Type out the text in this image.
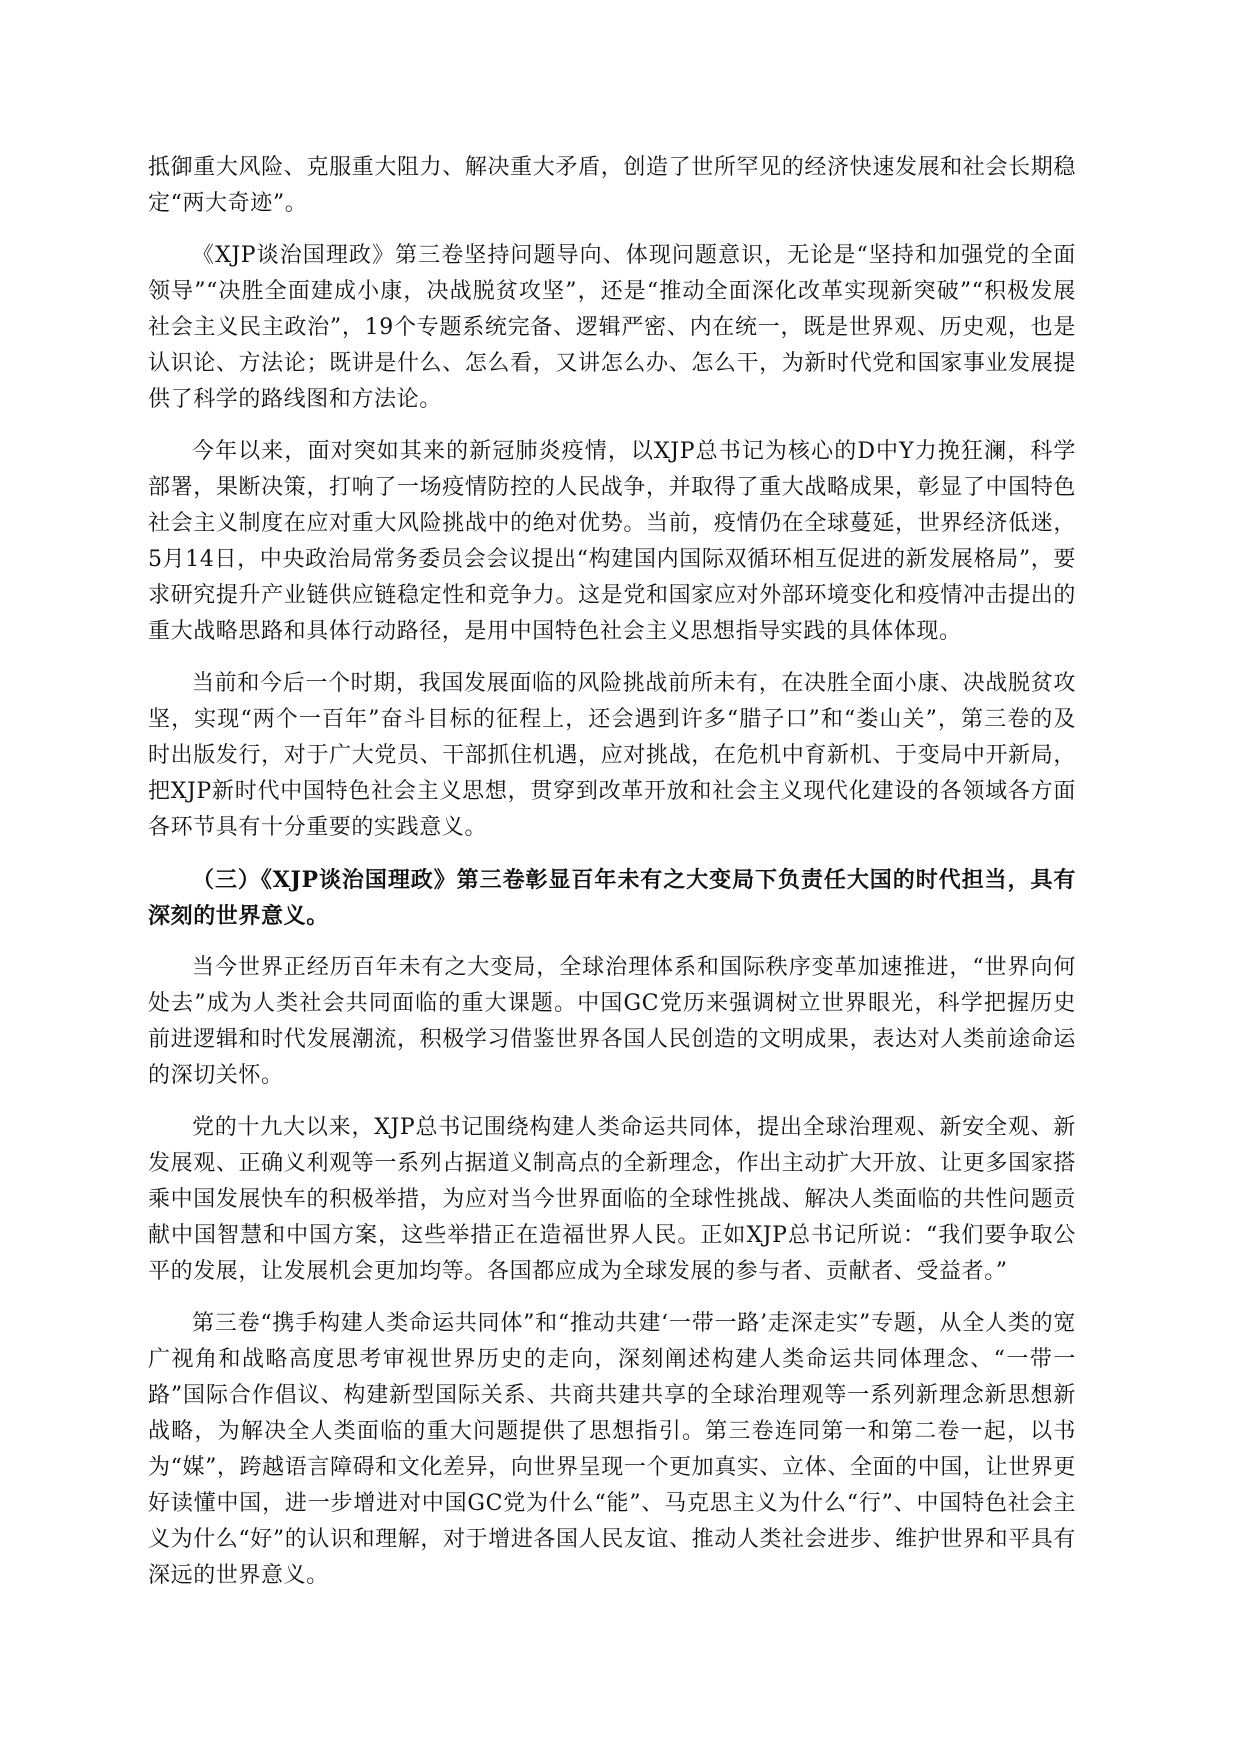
抵御重大风险、克服重大阻力、解决重大矛盾，创造了世所罕见的经济快速发展和社会长期稳定“两大奇迹”。

《XJP谈治国理政》第三卷坚持问题导向、体现问题意识，无论是“坚持和加强党的全面领导”“决胜全面建成小康，决战脱贫攻坚”，还是“推动全面深化改革实现新突破”“积极发展社会主义民主政治”，19个专题系统完备、逻辑严密、内在统一，既是世界观、历史观，也是认识论、方法论；既讲是什么、怎么看，又讲怎么办、怎么干，为新时代党和国家事业发展提供了科学的路线图和方法论。

今年以来，面对突如其来的新冠肺炎疫情，以XJP总书记为核心的D中Y力挽狂澜，科学部署，果断决策，打响了一场疫情防控的人民战争，并取得了重大战略成果，彰显了中国特色社会主义制度在应对重大风险挑战中的绝对优势。当前，疫情仍在全球蔓延，世界经济低迷，5月14日，中央政治局常务委员会会议提出“构建国内国际双循环相互促进的新发展格局”，要求研究提升产业链供应链稳定性和竞争力。这是党和国家应对外部环境变化和疫情冲击提出的重大战略思路和具体行动路径，是用中国特色社会主义思想指导实践的具体体现。

当前和今后一个时期，我国发展面临的风险挑战前所未有，在决胜全面小康、决战脱贫攻坚，实现“两个一百年”奋斗目标的征程上，还会遇到许多“腊子口”和“娄山关”，第三卷的及时出版发行，对于广大党员、干部抓住机遇，应对挑战，在危机中育新机、于变局中开新局，把XJP新时代中国特色社会主义思想，贯穿到改革开放和社会主义现代化建设的各领域各方面各环节具有十分重要的实践意义。

（三）《XJP谈治国理政》第三卷彰显百年未有之大变局下负责任大国的时代担当，具有深刻的世界意义。

当今世界正经历百年未有之大变局，全球治理体系和国际秩序变革加速推进，“世界向何处去”成为人类社会共同面临的重大课题。中国GC党历来强调树立世界眼光，科学把握历史前进逻辑和时代发展潮流，积极学习借鉴世界各国人民创造的文明成果，表达对人类前途命运的深切关怀。

党的十九大以来，XJP总书记围绕构建人类命运共同体，提出全球治理观、新安全观、新发展观、正确义利观等一系列占据道义制高点的全新理念，作出主动扩大开放、让更多国家搭乘中国发展快车的积极举措，为应对当今世界面临的全球性挑战、解决人类面临的共性问题贡献中国智慧和中国方案，这些举措正在造福世界人民。正如XJP总书记所说：“我们要争取公平的发展，让发展机会更加均等。各国都应成为全球发展的参与者、贡献者、受益者。”

第三卷“携手构建人类命运共同体”和“推动共建‘一带一路’走深走实”专题，从全人类的宽广视角和战略高度思考审视世界历史的走向，深刻阐述构建人类命运共同体理念、“一带一路”国际合作倡议、构建新型国际关系、共商共建共享的全球治理观等一系列新理念新思想新战略，为解决全人类面临的重大问题提供了思想指引。第三卷连同第一和第二卷一起，以书为“媒”，跨越语言障碍和文化差异，向世界呈现一个更加真实、立体、全面的中国，让世界更好读懂中国，进一步增进对中国GC党为什么“能”、马克思主义为什么“行”、中国特色社会主义为什么“好”的认识和理解，对于增进各国人民友谊、推动人类社会进步、维护世界和平具有深远的世界意义。
